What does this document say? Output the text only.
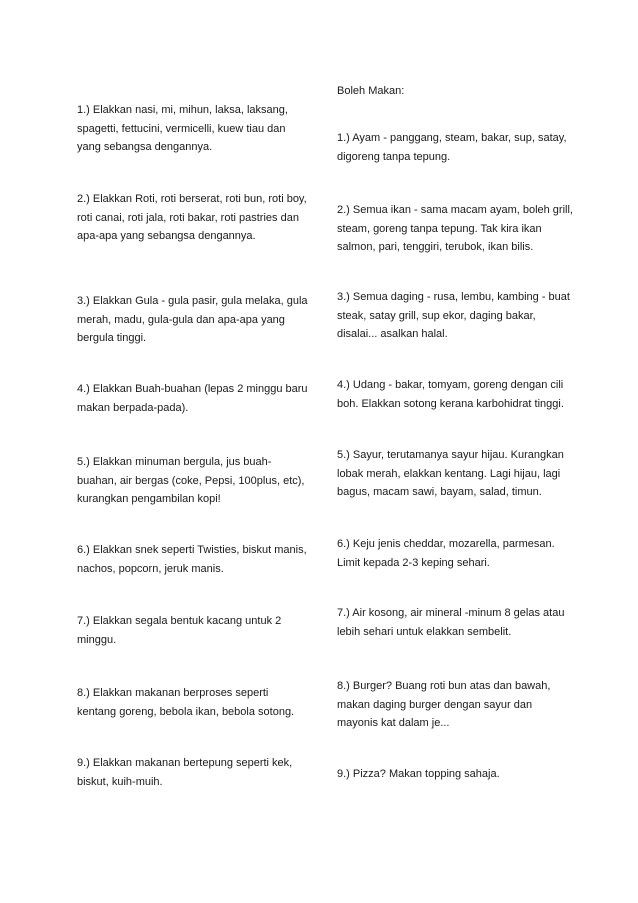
Boleh Makan:
1.) Elakkan nasi, mi, mihun, laksa, laksang, spagetti, fettucini, vermicelli, kuew tiau dan yang sebangsa dengannya.
2.) Elakkan Roti, roti berserat, roti bun, roti boy, roti canai, roti jala, roti bakar, roti pastries dan apa-apa yang sebangsa dengannya.
3.) Elakkan Gula - gula pasir, gula melaka, gula merah, madu, gula-gula dan apa-apa yang bergula tinggi.
4.) Elakkan Buah-buahan (lepas 2 minggu baru makan berpada-pada).
5.) Elakkan minuman bergula, jus buah-buahan, air bergas (coke, Pepsi, 100plus, etc), kurangkan pengambilan kopi!
6.) Elakkan snek seperti Twisties, biskut manis, nachos, popcorn, jeruk manis.
7.) Elakkan segala bentuk kacang untuk 2 minggu.
8.) Elakkan makanan berproses seperti kentang goreng, bebola ikan, bebola sotong.
9.) Elakkan makanan bertepung seperti kek, biskut, kuih-muih.
1.) Ayam - panggang, steam, bakar, sup, satay, digoreng tanpa tepung.
2.) Semua ikan - sama macam ayam, boleh grill, steam, goreng tanpa tepung. Tak kira ikan salmon, pari, tenggiri, terubok, ikan bilis.
3.) Semua daging - rusa, lembu, kambing - buat steak, satay grill, sup ekor, daging bakar, disalai... asalkan halal.
4.) Udang - bakar, tomyam, goreng dengan cili boh. Elakkan sotong kerana karbohidrat tinggi.
5.) Sayur, terutamanya sayur hijau. Kurangkan lobak merah, elakkan kentang. Lagi hijau, lagi bagus, macam sawi, bayam, salad, timun.
6.) Keju jenis cheddar, mozarella, parmesan. Limit kepada 2-3 keping sehari.
7.) Air kosong, air mineral -minum 8 gelas atau lebih sehari untuk elakkan sembelit.
8.) Burger? Buang roti bun atas dan bawah, makan daging burger dengan sayur dan mayonis kat dalam je...
9.) Pizza? Makan topping sahaja.
